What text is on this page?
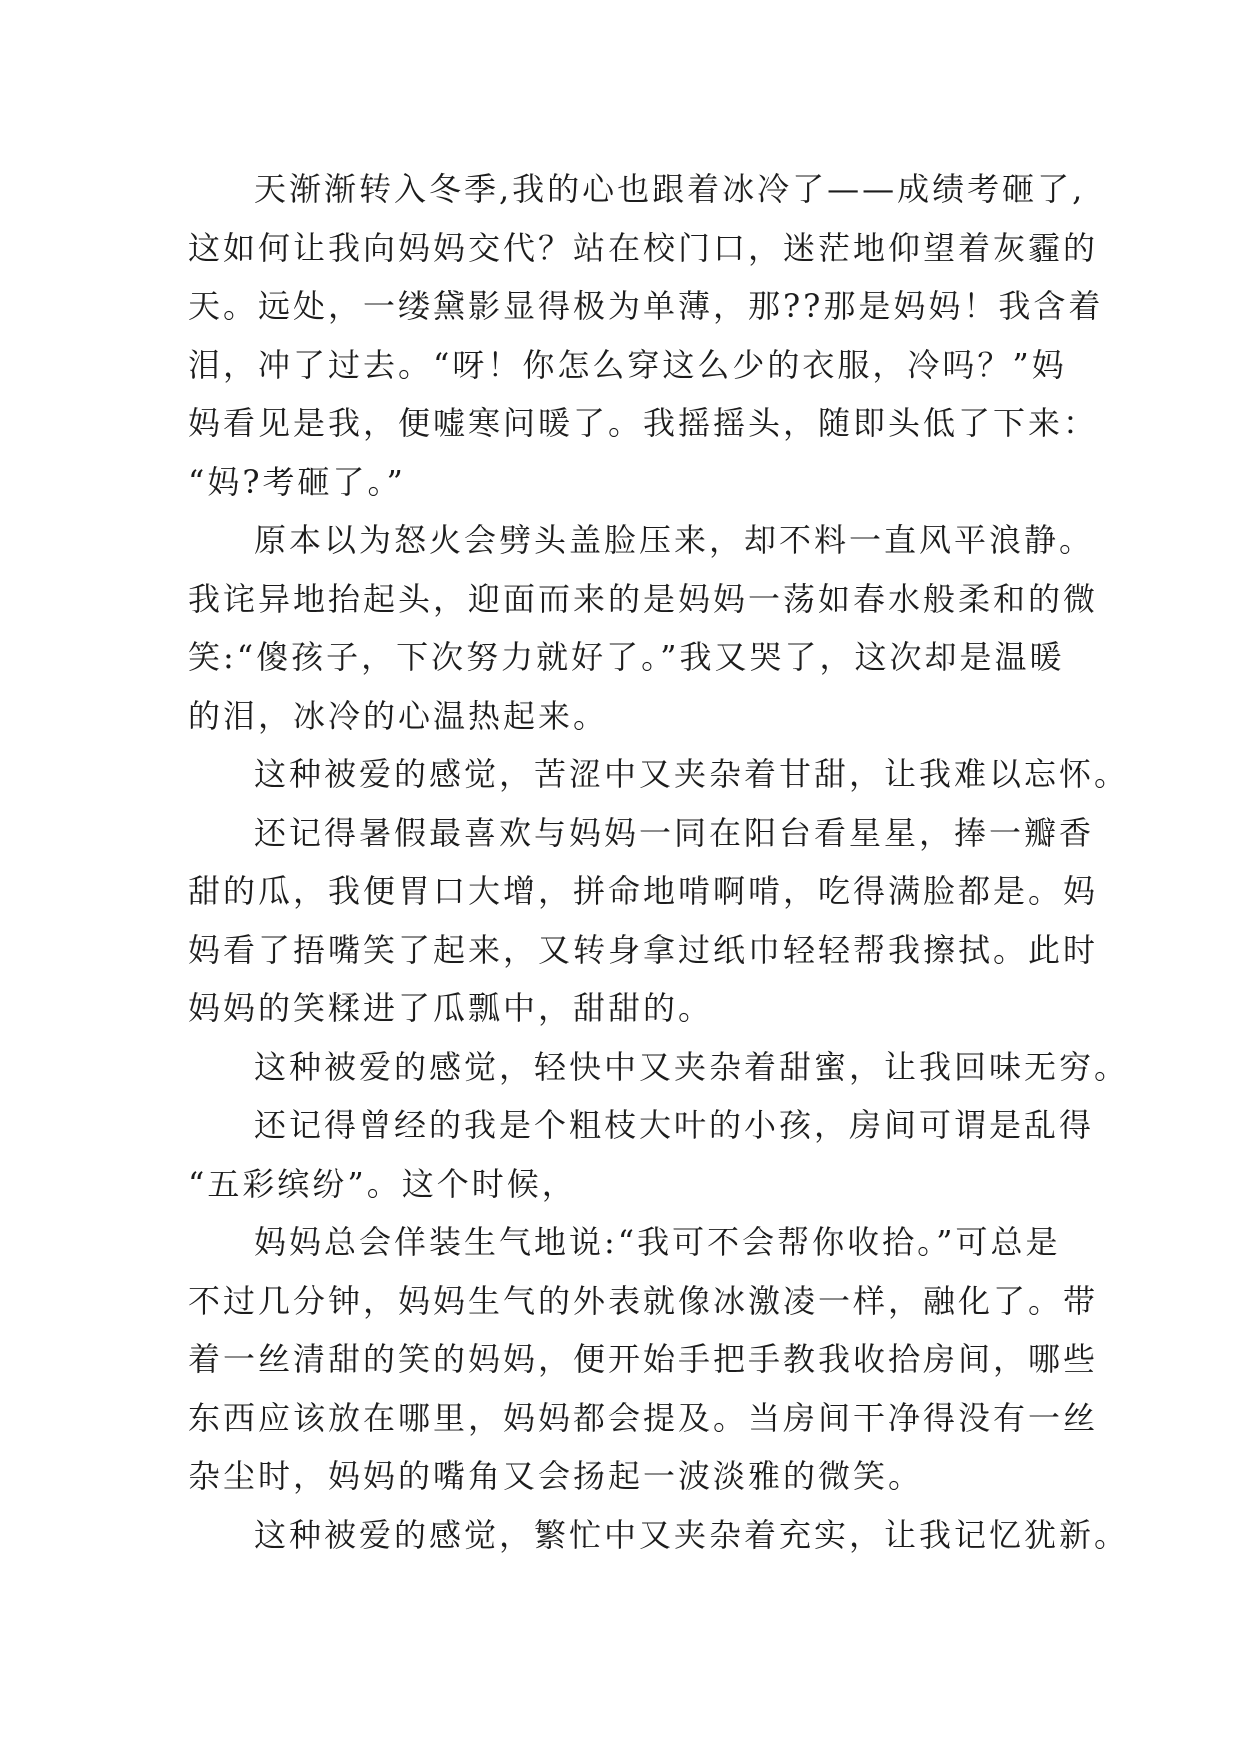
天渐渐转入冬季,我的心也跟着冰冷了——成绩考砸了,
这如何让我向妈妈交代？站在校门口，迷茫地仰望着灰霾的
天。远处，一缕黛影显得极为单薄，那??那是妈妈！我含着
泪，冲了过去。“呀！你怎么穿这么少的衣服，冷吗？”妈
妈看见是我，便嘘寒问暖了。我摇摇头，随即头低了下来：
“妈?考砸了。”
原本以为怒火会劈头盖脸压来，却不料一直风平浪静。
我诧异地抬起头，迎面而来的是妈妈一荡如春水般柔和的微
笑:“傻孩子，下次努力就好了。”我又哭了，这次却是温暖
的泪，冰冷的心温热起来。
这种被爱的感觉，苦涩中又夹杂着甘甜，让我难以忘怀。
还记得暑假最喜欢与妈妈一同在阳台看星星，捧一瓣香
甜的瓜，我便胃口大增，拼命地啃啊啃，吃得满脸都是。妈
妈看了捂嘴笑了起来，又转身拿过纸巾轻轻帮我擦拭。此时
妈妈的笑糅进了瓜瓢中，甜甜的。
这种被爱的感觉，轻快中又夹杂着甜蜜，让我回味无穷。
还记得曾经的我是个粗枝大叶的小孩，房间可谓是乱得
“五彩缤纷”。这个时候，
妈妈总会佯装生气地说:“我可不会帮你收拾。”可总是
不过几分钟，妈妈生气的外表就像冰激凌一样，融化了。带
着一丝清甜的笑的妈妈，便开始手把手教我收拾房间，哪些
东西应该放在哪里，妈妈都会提及。当房间干净得没有一丝
杂尘时，妈妈的嘴角又会扬起一波淡雅的微笑。
这种被爱的感觉，繁忙中又夹杂着充实，让我记忆犹新。
